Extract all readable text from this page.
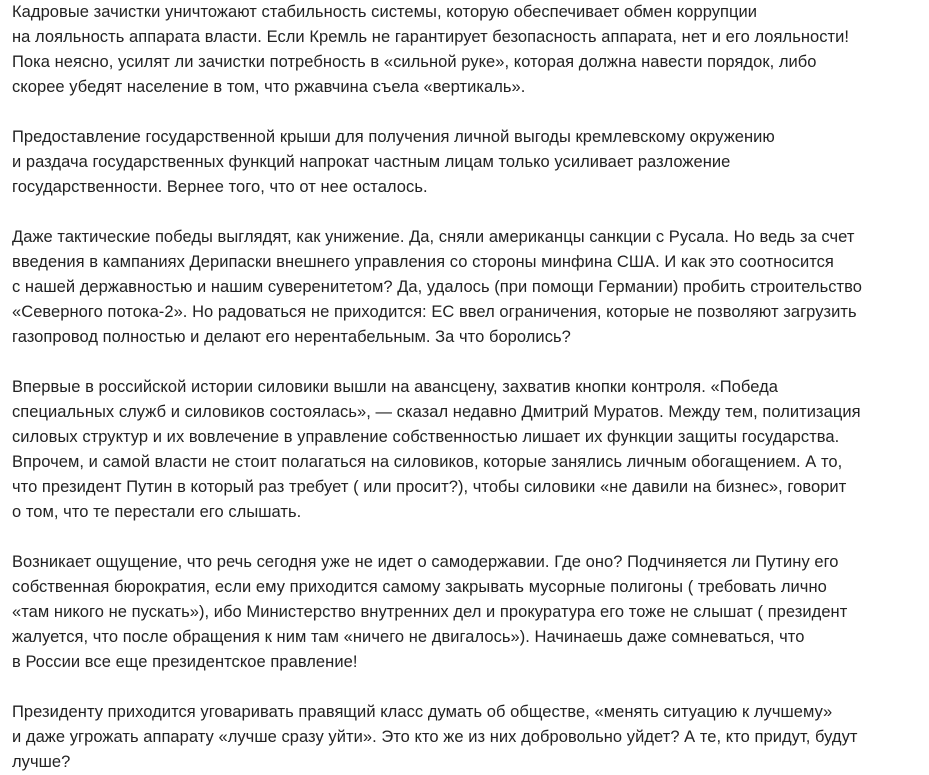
Кадровые зачистки уничтожают стабильность системы, которую обеспечивает обмен коррупции
на лояльность аппарата власти. Если Кремль не гарантирует безопасность аппарата, нет и его лояльности!
Пока неясно, усилят ли зачистки потребность в «сильной руке», которая должна навести порядок, либо
скорее убедят население в том, что ржавчина съела «вертикаль».

Предоставление государственной крыши для получения личной выгоды кремлевскому окружению
и раздача государственных функций напрокат частным лицам только усиливает разложение
государственности. Вернее того, что от нее осталось.

Даже тактические победы выглядят, как унижение. Да, сняли американцы санкции с Русала. Но ведь за счет
введения в кампаниях Дерипаски внешнего управления со стороны минфина США. И как это соотносится
с нашей державностью и нашим суверенитетом? Да, удалось (при помощи Германии) пробить строительство
«Северного потока-2». Но радоваться не приходится: ЕС ввел ограничения, которые не позволяют загрузить
газопровод полностью и делают его нерентабельным. За что боролись?

Впервые в российской истории силовики вышли на авансцену, захватив кнопки контроля. «Победа
специальных служб и силовиков состоялась», — сказал недавно Дмитрий Муратов. Между тем, политизация
силовых структур и их вовлечение в управление собственностью лишает их функции защиты государства.
Впрочем, и самой власти не стоит полагаться на силовиков, которые занялись личным обогащением. А то,
что президент Путин в который раз требует ( или просит?), чтобы силовики «не давили на бизнес», говорит
о том, что те перестали его слышать.

Возникает ощущение, что речь сегодня уже не идет о самодержавии. Где оно? Подчиняется ли Путину его
собственная бюрократия, если ему приходится самому закрывать мусорные полигоны ( требовать лично
«там никого не пускать»), ибо Министерство внутренних дел и прокуратура его тоже не слышат ( президент
жалуется, что после обращения к ним там «ничего не двигалось»). Начинаешь даже сомневаться, что
в России все еще президентское правление!

Президенту приходится уговаривать правящий класс думать об обществе, «менять ситуацию к лучшему»
и даже угрожать аппарату «лучше сразу уйти». Это кто же из них добровольно уйдет? А те, кто придут, будут
лучше?
